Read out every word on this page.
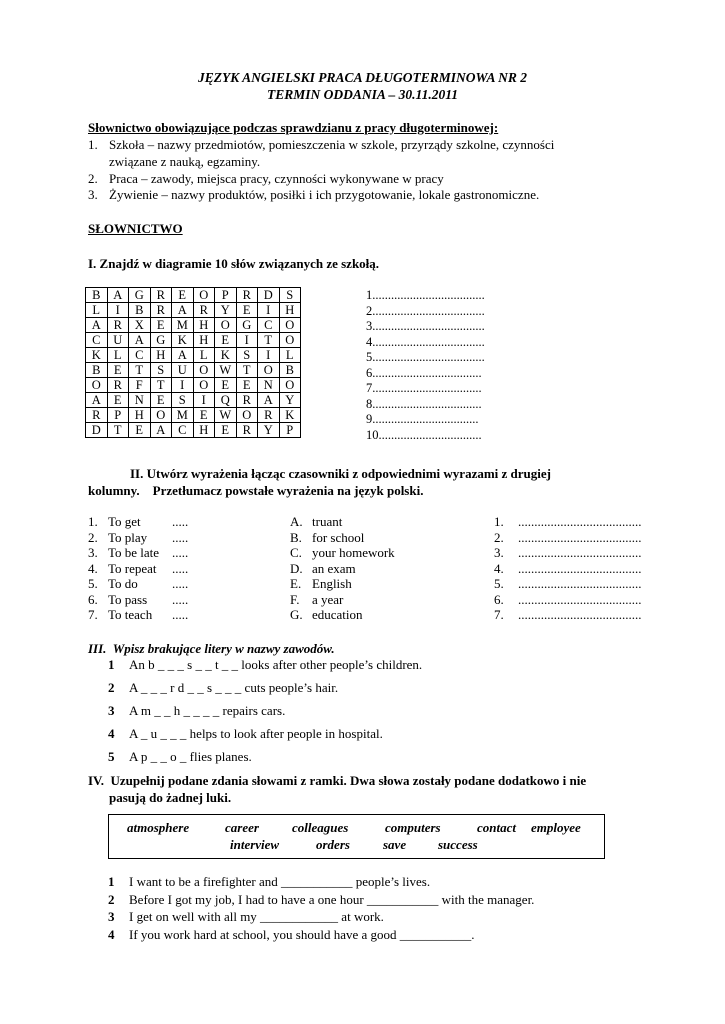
JĘZYK ANGIELSKI PRACA DŁUGOTERMINOWA NR 2
TERMIN ODDANIA – 30.11.2011
Słownictwo obowiązujące podczas sprawdzianu z pracy długoterminowej:
1. Szkoła – nazwy przedmiotów, pomieszczenia w szkole, przyrządy szkolne, czynności
związane z nauką, egzaminy.
2. Praca – zawody, miejsca pracy, czynności wykonywane w pracy
3. Żywienie – nazwy produktów, posiłki i ich przygotowanie, lokale gastronomiczne.
SŁOWNICTWO
I. Znajdź w diagramie 10 słów związanych ze szkołą.
B	A	G	R	E	O	P	R	D	S
L	I	B	R	A	R	Y	E	I	H
A	R	X	E	M	H	O	G	C	O
C	U	A	G	K	H	E	I	T	O
K	L	C	H	A	L	K	S	I	L
B	E	T	S	U	O	W	T	O	B
O	R	F	T	I	O	E	E	N	O
A	E	N	E	S	I	Q	R	A	Y
R	P	H	O	M	E	W	O	R	K
D	T	E	A	C	H	E	R	Y	P
1....................................
2....................................
3....................................
4....................................
5....................................
6...................................
7...................................
8...................................
9..................................
10.................................
II. Utwórz wyrażenia łącząc czasowniki z odpowiednimi wyrazami z drugiej
kolumny.    Przetłumacz powstałe wyrażenia na język polski.
1. To get .....
2. To play .....
3. To be late .....
4. To repeat .....
5. To do	.....
6. To pass .....
7. To teach .....
A. truant
B. for school
C. your homework
D. an exam
E. English
F. a year
G. education
1. ......................................
2. ......................................
3. ......................................
4. ......................................
5. ......................................
6. ......................................
7. ......................................
III.  Wpisz brakujące litery w nazwy zawodów.
1 An b _ _ _ s _ _ t _ _ looks after other people’s children.
2 A _ _ _ r d _ _ s _ _ _ cuts people’s hair.
3 A m _ _ h _ _ _ _ repairs cars.
4 A _ u _ _ _ helps to look after people in hospital.
5 A p _ _ o _ flies planes.
IV.  Uzupełnij podane zdania słowami z ramki. Dwa słowa zostały podane dodatkowo i nie
pasują do żadnej luki.
atmosphere	career	colleagues	computers	contact employee
interview	orders	save success
1 I want to be a firefighter and ___________ people’s lives.
2 Before I got my job, I had to have a one hour ___________ with the manager.
3 I get on well with all my ____________ at work.
4 If you work hard at school, you should have a good ___________.
